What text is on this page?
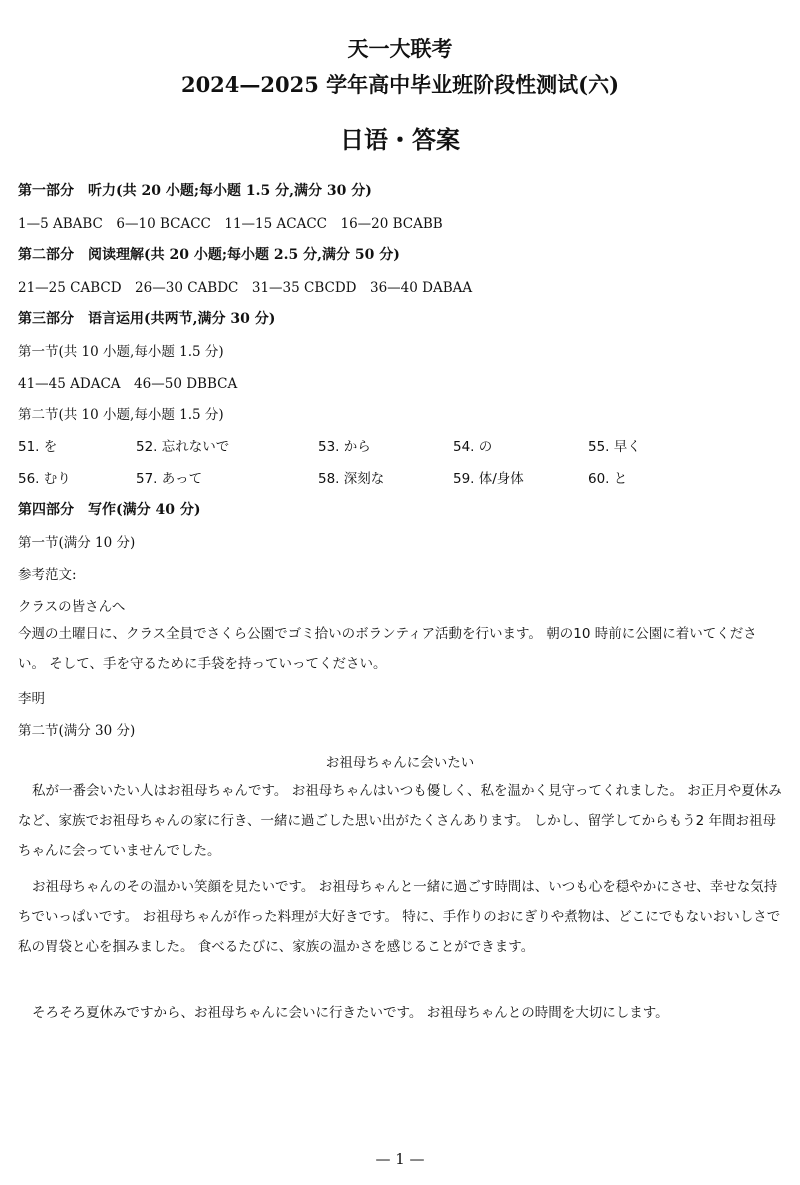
天一大联考
2024—2025 学年高中毕业班阶段性测试(六)
日语・答案
第一部分　听力(共 20 小题;每小题 1.5 分,满分 30 分)
1—5 ABABC　6—10 BCACC　11—15 ACACC　16—20 BCABB
第二部分　阅读理解(共 20 小题;每小题 2.5 分,满分 50 分)
21—25 CABCD　26—30 CABDC　31—35 CBCDD　36—40 DABAA
第三部分　语言运用(共两节,满分 30 分)
第一节(共 10 小题,每小题 1.5 分)
41—45 ADACA　46—50 DBBCA
第二节(共 10 小题,每小题 1.5 分)
51. を	52. 忘れないで	53. から	54. の	55. 早く
56. むり	57. あって	58. 深刻な	59. 体/身体	60. と
第四部分　写作(满分 40 分)
第一节(满分 10 分)
参考范文:
クラスの皆さんへ
今週の土曜日に、クラス全員でさくら公園でゴミ拾いのボランティア活動を行います。 朝の10 時前に公園に着いてください。 そして、手を守るために手袋を持っていってください。
李明
第二节(满分 30 分)
お祖母ちゃんに会いたい
私が一番会いたい人はお祖母ちゃんです。 お祖母ちゃんはいつも優しく、私を温かく見守ってくれました。 お正月や夏休みなど、家族でお祖母ちゃんの家に行き、一緒に過ごした思い出がたくさんあります。 しかし、留学してからもう2 年間お祖母ちゃんに会っていませんでした。
お祖母ちゃんのその温かい笑顔を見たいです。 お祖母ちゃんと一緒に過ごす時間は、いつも心を穏やかにさせ、幸せな気持ちでいっぱいです。 お祖母ちゃんが作った料理が大好きです。 特に、手作りのおにぎりや煮物は、どこにでもないおいしさで私の胃袋と心を掴みました。 食べるたびに、家族の温かさを感じることができます。
そろそろ夏休みですから、お祖母ちゃんに会いに行きたいです。 お祖母ちゃんとの時間を大切にします。
— 1 —
